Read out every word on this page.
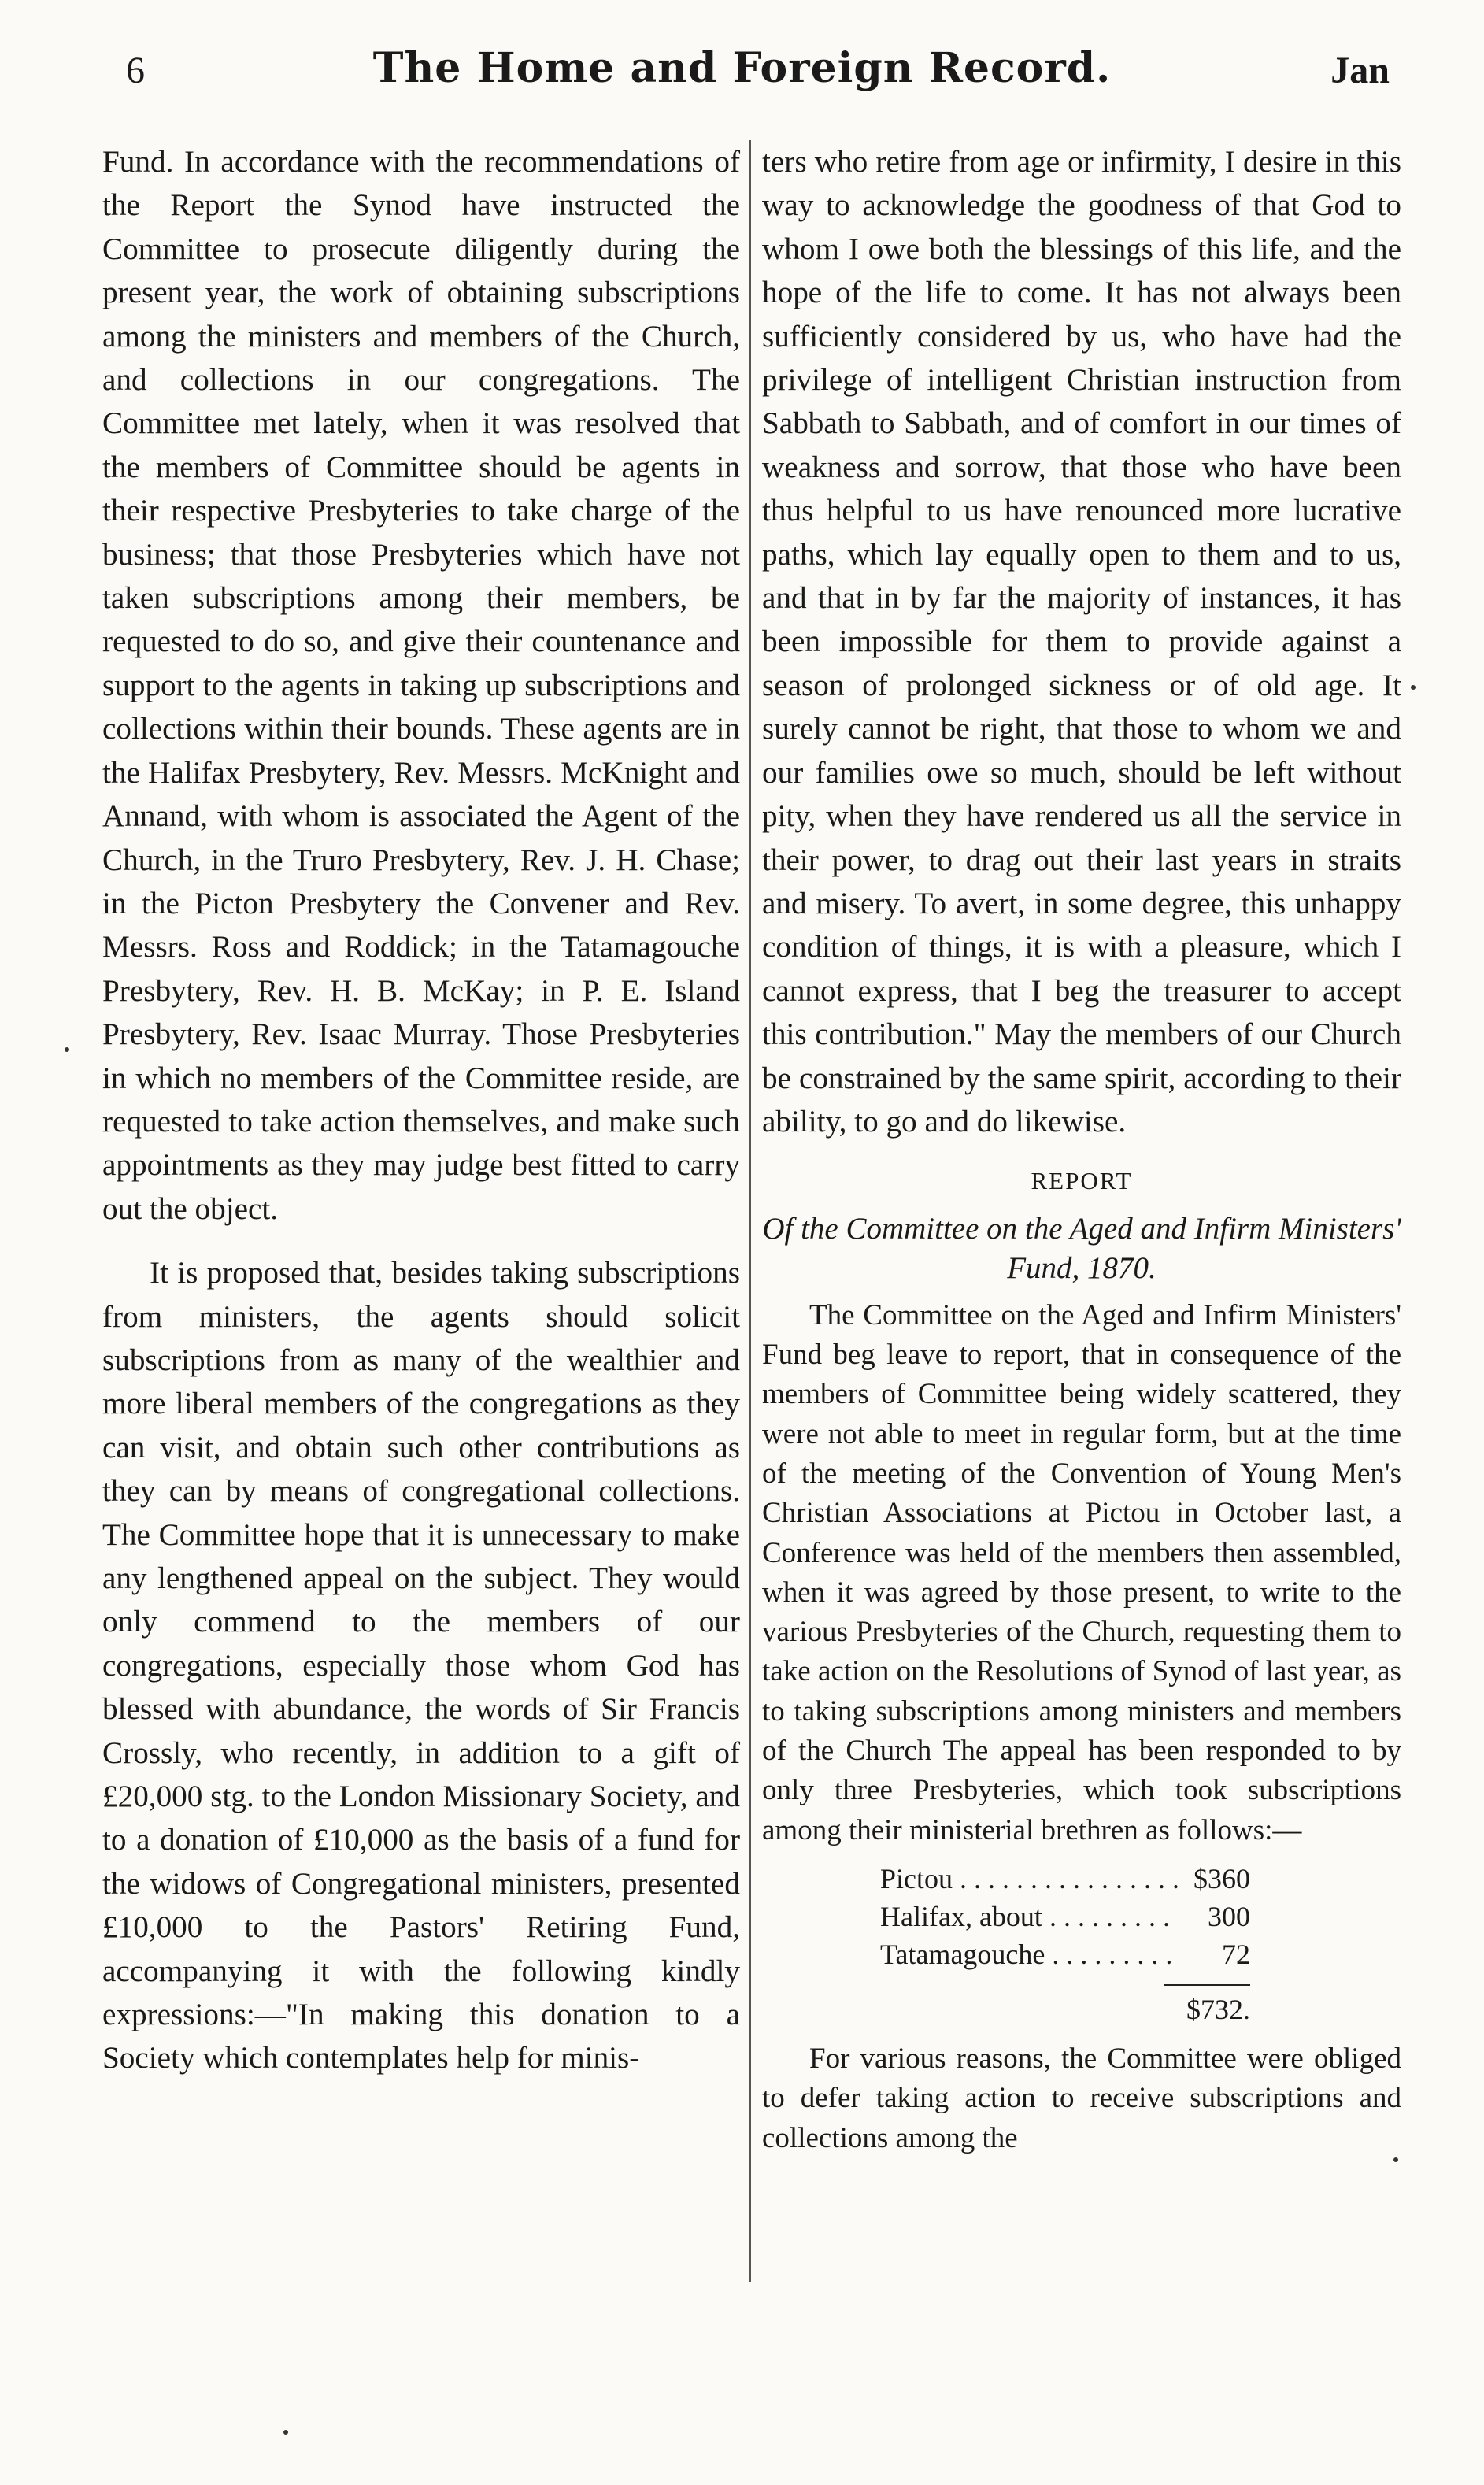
6	The Home and Foreign Record.	Jan

Fund. In accordance with the recommendations of the Report the Synod have instructed the Committee to prosecute diligently during the present year, the work of obtaining subscriptions among the ministers and members of the Church, and collections in our congregations. The Committee met lately, when it was resolved that the members of Committee should be agents in their respective Presbyteries to take charge of the business; that those Presbyteries which have not taken subscriptions among their members, be requested to do so, and give their countenance and support to the agents in taking up subscriptions and collections within their bounds. These agents are in the Halifax Presbytery, Rev. Messrs. McKnight and Annand, with whom is associated the Agent of the Church, in the Truro Presbytery, Rev. J. H. Chase; in the Picton Presbytery the Convener and Rev. Messrs. Ross and Roddick; in the Tatamagouche Presbytery, Rev. H. B. McKay; in P. E. Island Presbytery, Rev. Isaac Murray. Those Presbyteries in which no members of the Committee reside, are requested to take action themselves, and make such appointments as they may judge best fitted to carry out the object.

It is proposed that, besides taking subscriptions from ministers, the agents should solicit subscriptions from as many of the wealthier and more liberal members of the congregations as they can visit, and obtain such other contributions as they can by means of congregational collections. The Committee hope that it is unnecessary to make any lengthened appeal on the subject. They would only commend to the members of our congregations, especially those whom God has blessed with abundance, the words of Sir Francis Crossly, who recently, in addition to a gift of £20,000 stg. to the London Missionary Society, and to a donation of £10,000 as the basis of a fund for the widows of Congregational ministers, presented £10,000 to the Pastors' Retiring Fund, accompanying it with the following kindly expressions:—"In making this donation to a Society which contemplates help for minis-

ters who retire from age or infirmity, I desire in this way to acknowledge the goodness of that God to whom I owe both the blessings of this life, and the hope of the life to come. It has not always been sufficiently considered by us, who have had the privilege of intelligent Christian instruction from Sabbath to Sabbath, and of comfort in our times of weakness and sorrow, that those who have been thus helpful to us have renounced more lucrative paths, which lay equally open to them and to us, and that in by far the majority of instances, it has been impossible for them to provide against a season of prolonged sickness or of old age. It surely cannot be right, that those to whom we and our families owe so much, should be left without pity, when they have rendered us all the service in their power, to drag out their last years in straits and misery. To avert, in some degree, this unhappy condition of things, it is with a pleasure, which I cannot express, that I beg the treasurer to accept this contribution." May the members of our Church be constrained by the same spirit, according to their ability, to go and do likewise.

REPORT
Of the Committee on the Aged and Infirm Ministers' Fund, 1870.

The Committee on the Aged and Infirm Ministers' Fund beg leave to report, that in consequence of the members of Committee being widely scattered, they were not able to meet in regular form, but at the time of the meeting of the Convention of Young Men's Christian Associations at Pictou in October last, a Conference was held of the members then assembled, when it was agreed by those present, to write to the various Presbyteries of the Church, requesting them to take action on the Resolutions of Synod of last year, as to taking subscriptions among ministers and members of the Church The appeal has been responded to by only three Presbyteries, which took subscriptions among their ministerial brethren as follows:—

Pictou . . .	$360
Halifax, about . . .	300
Tatamagouche . . .	72
$732.

For various reasons, the Committee were obliged to defer taking action to receive subscriptions and collections among the
